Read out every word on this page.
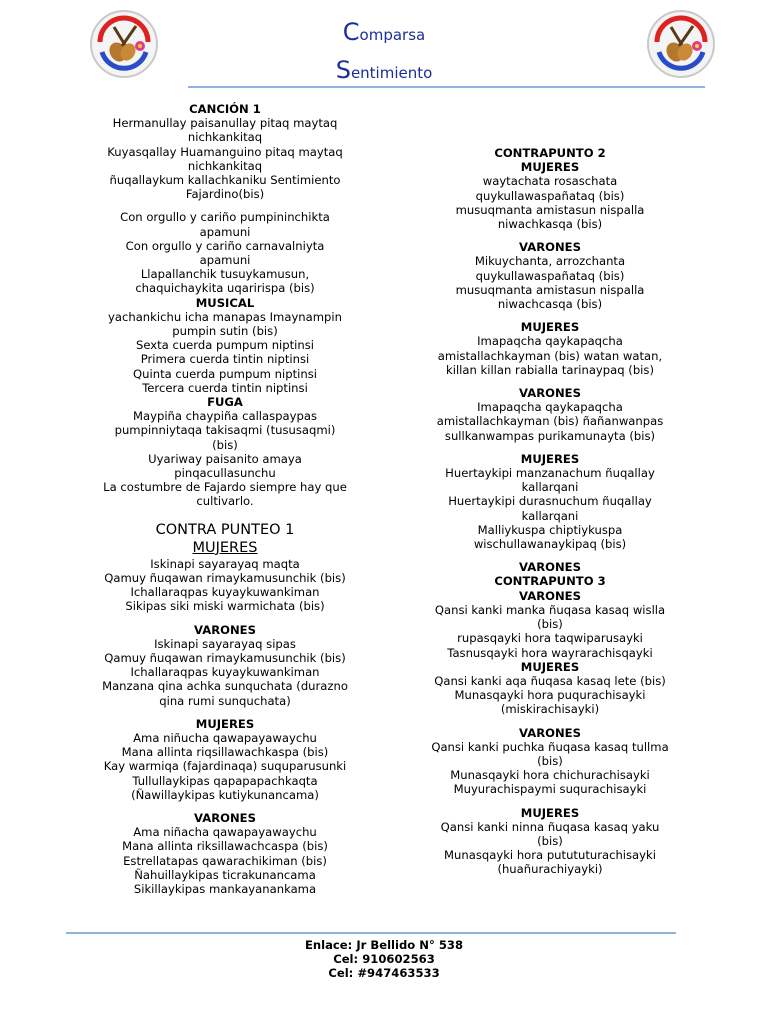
Comparsa
Sentimiento
CANCIÓN 1
Hermanullay paisanullay pitaq maytaq
nichkankitaq
Kuyasqallay Huamanguino pitaq maytaq
nichkankitaq
ñuqallaykum kallachkaniku Sentimiento
Fajardino(bis)
Con orgullo y cariño pumpininchikta
apamuni
Con orgullo y cariño carnavalniyta
apamuni
Llapallanchik tusuykamusun,
chaquichaykita uqaririspa (bis)
MUSICAL
yachankichu icha manapas Imaynampin
pumpin sutin (bis)
Sexta cuerda pumpum niptinsi
Primera cuerda tintin niptinsi
Quinta cuerda pumpum niptinsi
Tercera cuerda tintin niptinsi
FUGA
Maypiña chaypiña callaspaypas
pumpinniytaqa takisaqmi (tususaqmi)
(bis)
Uyariway paisanito amaya
pinqacullasunchu
La costumbre de Fajardo siempre hay que
cultivarlo.
CONTRA PUNTEO 1
MUJERES
Iskinapi sayarayaq maqta
Qamuy ñuqawan rimaykamusunchik (bis)
Ichallaraqpas kuyaykuwankiman
Sikipas siki miski warmichata (bis)
VARONES
Iskinapi sayarayaq sipas
Qamuy ñuqawan rimaykamusunchik (bis)
Ichallaraqpas kuyaykuwankiman
Manzana qina achka sunquchata (durazno
qina rumi sunquchata)
MUJERES
Ama niñucha qawapayawaychu
Mana allinta riqsillawachkaspa (bis)
Kay warmiqa (fajardinaqa) suquparusunki
Tullullaykipas qapapapachkaqta
(Ñawillaykipas kutiykunancama)
VARONES
Ama niñacha qawapayawaychu
Mana allinta riksillawachcaspa (bis)
Estrellatapas qawarachikiman (bis)
Ñahuillaykipas ticrakunancama
Sikillaykipas mankayanankama
CONTRAPUNTO 2
MUJERES
waytachata rosaschata
quykullawaspañataq (bis)
musuqmanta amistasun nispalla
niwachkasqa (bis)
VARONES
Mikuychanta, arrozchanta
quykullawaspañataq (bis)
musuqmanta amistasun nispalla
niwachcasqa (bis)
MUJERES
Imapaqcha qaykapaqcha
amistallachkayman (bis) watan watan,
killan killan rabialla tarinaypaq (bis)
VARONES
Imapaqcha qaykapaqcha
amistallachkayman (bis) ñañanwanpas
sullkanwampas purikamunayta (bis)
MUJERES
Huertaykipi manzanachum ñuqallay
kallarqani
Huertaykipi durasnuchum ñuqallay
kallarqani
Malliykuspa chiptiykuspa
wischullawanaykipaq (bis)
VARONES
CONTRAPUNTO 3
VARONES
Qansi kanki manka ñuqasa kasaq wislla
(bis)
rupasqayki hora taqwiparusayki
Tasnusqayki hora wayrarachisqayki
MUJERES
Qansi kanki aqa ñuqasa kasaq lete (bis)
Munasqayki hora puqurachisayki
(miskirachisayki)
VARONES
Qansi kanki puchka ñuqasa kasaq tullma
(bis)
Munasqayki hora chichurachisayki
Muyurachispaymi suqurachisayki
MUJERES
Qansi kanki ninna ñuqasa kasaq yaku
(bis)
Munasqayki hora putututurachisayki
(huañurachiyayki)
Enlace: Jr Bellido N° 538
Cel: 910602563
Cel: #947463533
